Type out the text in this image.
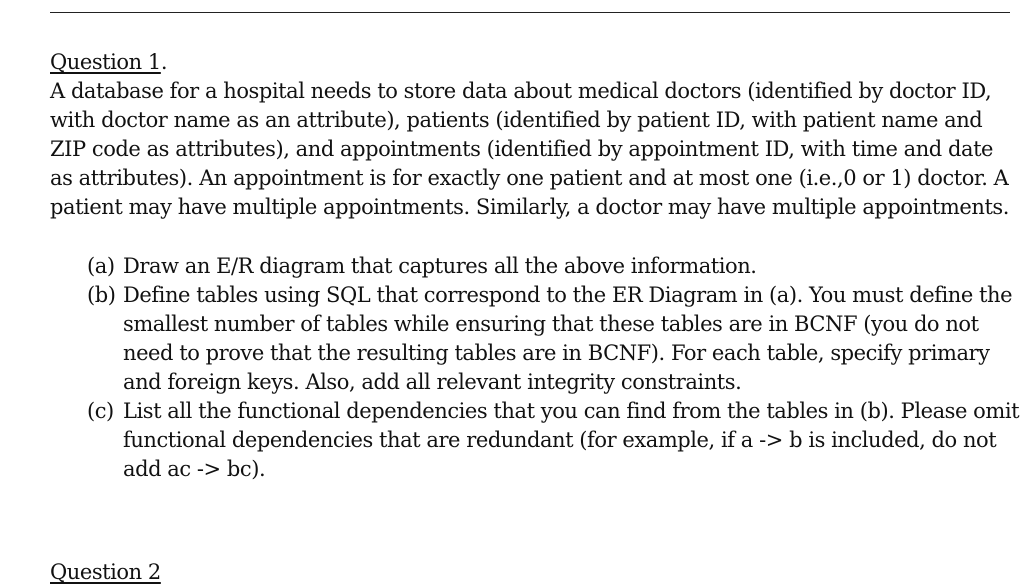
Question 1.

A database for a hospital needs to store data about medical doctors (identified by doctor ID, with doctor name as an attribute), patients (identified by patient ID, with patient name and ZIP code as attributes), and appointments (identified by appointment ID, with time and date as attributes). An appointment is for exactly one patient and at most one (i.e.,0 or 1) doctor. A patient may have multiple appointments. Similarly, a doctor may have multiple appointments.

(a) Draw an E/R diagram that captures all the above information.
(b) Define tables using SQL that correspond to the ER Diagram in (a). You must define the smallest number of tables while ensuring that these tables are in BCNF (you do not need to prove that the resulting tables are in BCNF). For each table, specify primary and foreign keys. Also, add all relevant integrity constraints.
(c) List all the functional dependencies that you can find from the tables in (b). Please omit functional dependencies that are redundant (for example, if a -> b is included, do not add ac -> bc).

Question 2
